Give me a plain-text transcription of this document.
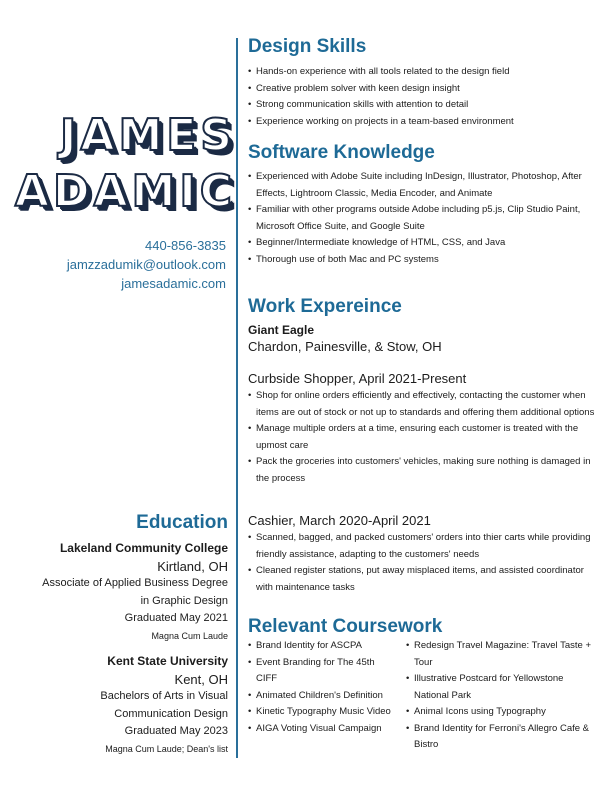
JAMES
ADAMIC
440-856-3835
jamzzadumik@outlook.com
jamesadamic.com
Education
Lakeland Community College
Kirtland, OH
Associate of Applied Business Degree
in Graphic Design
Graduated May 2021
Magna Cum Laude
Kent State University
Kent, OH
Bachelors of Arts in Visual
Communication Design
Graduated May 2023
Magna Cum Laude; Dean's list
Design Skills
• Hands-on experience with all tools related to the design field
• Creative problem solver with keen design insight
• Strong communication skills with attention to detail
• Experience working on projects in a team-based environment
Software Knowledge
• Experienced with Adobe Suite including InDesign, Illustrator, Photoshop, After Effects, Lightroom Classic, Media Encoder, and Animate
• Familiar with other programs outside Adobe including p5.js, Clip Studio Paint, Microsoft Office Suite, and Google Suite
• Beginner/Intermediate knowledge of HTML, CSS, and Java
• Thorough use of both Mac and PC systems
Work Expereince
Giant Eagle
Chardon, Painesville, & Stow, OH
Curbside Shopper, April 2021-Present
• Shop for online orders efficiently and effectively, contacting the customer when items are out of stock or not up to standards and offering them additional options
• Manage multiple orders at a time, ensuring each customer is treated with the upmost care
• Pack the groceries into customers' vehicles, making sure nothing is damaged in the process
Cashier, March 2020-April 2021
• Scanned, bagged, and packed customers' orders into thier carts while providing friendly assistance, adapting to the customers' needs
• Cleaned register stations, put away misplaced items, and assisted coordinator with maintenance tasks
Relevant Coursework
• Brand Identity for ASCPA
• Event Branding for The 45th CIFF
• Animated Children's Definition
• Kinetic Typography Music Video
• AIGA Voting Visual Campaign
• Redesign Travel Magazine: Travel Taste + Tour
• Illustrative Postcard for Yellowstone National Park
• Animal Icons using Typography
• Brand Identity for Ferroni's Allegro Cafe & Bistro
